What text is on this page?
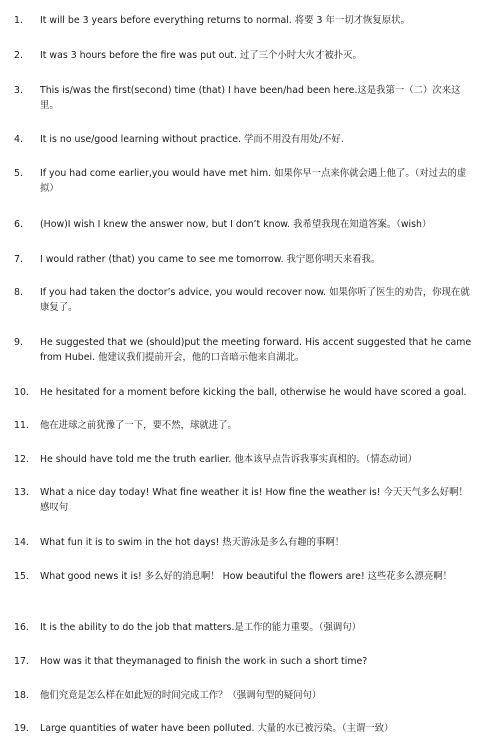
1.	It will be 3 years before everything returns to normal. 将要 3 年一切才恢复原状。
2.	It was 3 hours before the fire was put out. 过了三个小时大火才被扑灭。
3.	This is/was the first(second) time (that) I have been/had been here.这是我第一（二）次来这里。
4.	It is no use/good learning without practice. 学而不用没有用处/不好.
5.	If you had come earlier,you would have met him. 如果你早一点来你就会遇上他了。（对过去的虚拟）
6.	(How)I wish I knew the answer now, but I don’t know. 我希望我现在知道答案。（wish）
7.	I would rather (that) you came to see me tomorrow. 我宁愿你明天来看我。
8.	If you had taken the doctor’s advice, you would recover now. 如果你听了医生的劝告，你现在就康复了。
9.	He suggested that we (should)put the meeting forward. His accent suggested that he came from Hubei. 他建议我们提前开会，他的口音暗示他来自湖北。
10.	He hesitated for a moment before kicking the ball, otherwise he would have scored a goal.
11.	他在进球之前犹豫了一下，要不然，球就进了。
12.	He should have told me the truth earlier. 他本该早点告诉我事实真相的。（情态动词）
13.	What a nice day today! What fine weather it is! How fine the weather is! 今天天气多么好啊！感叹句
14.	What fun it is to swim in the hot days! 热天游泳是多么有趣的事啊！
15.	What good news it is! 多么好的消息啊！ How beautiful the flowers are! 这些花多么漂亮啊！
16.	It is the ability to do the job that matters.是工作的能力重要。（强调句）
17.	How was it that theymanaged to finish the work in such a short time?
18.	他们究竟是怎么样在如此短的时间完成工作？（强调句型的疑问句）
19.	Large quantities of water have been polluted. 大量的水已被污染。（主谓一致）
